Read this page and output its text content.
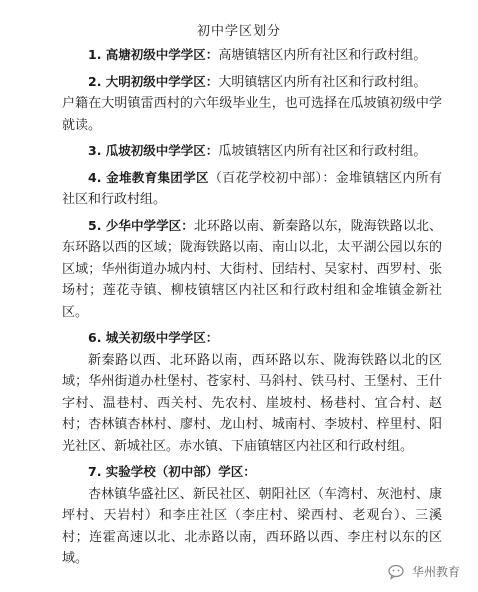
初中学区划分

1. 高塘初级中学学区：高塘镇辖区内所有社区和行政村组。

2. 大明初级中学学区：大明镇辖区内所有社区和行政村组。

户籍在大明镇雷西村的六年级毕业生，也可选择在瓜坡镇初级中学就读。

3. 瓜坡初级中学学区：瓜坡镇辖区内所有社区和行政村组。

4. 金堆教育集团学区（百花学校初中部）：金堆镇辖区内所有社区和行政村组。

5. 少华中学学区：北环路以南、新秦路以东，陇海铁路以北、东环路以西的区域；陇海铁路以南、南山以北，太平湖公园以东的区域；华州街道办城内村、大街村、団结村、吴家村、西罗村、张场村；莲花寺镇、柳枝镇辖区内社区和行政村组和金堆镇金新社区。

6. 城关初级中学学区：

新秦路以西、北环路以南，西环路以东、陇海铁路以北的区域；华州街道办杜堡村、苍家村、马斜村、铁马村、王堡村、王什字村、温巷村、西关村、先农村、崖坡村、杨巷村、宜合村、赵村；杏林镇杏林村、廖村、龙山村、城南村、李坡村、梓里村、阳光社区、新城社区。赤水镇、下庙镇辖区内社区和行政村组。

7. 实验学校（初中部）学区：

杏林镇华盛社区、新民社区、朝阳社区（车湾村、灰池村、康坪村、天岩村）和李庄社区（李庄村、梁西村、老观台）、三溪村；连霍高速以北、北赤路以南，西环路以西、李庄村以东的区域。

华州教育
